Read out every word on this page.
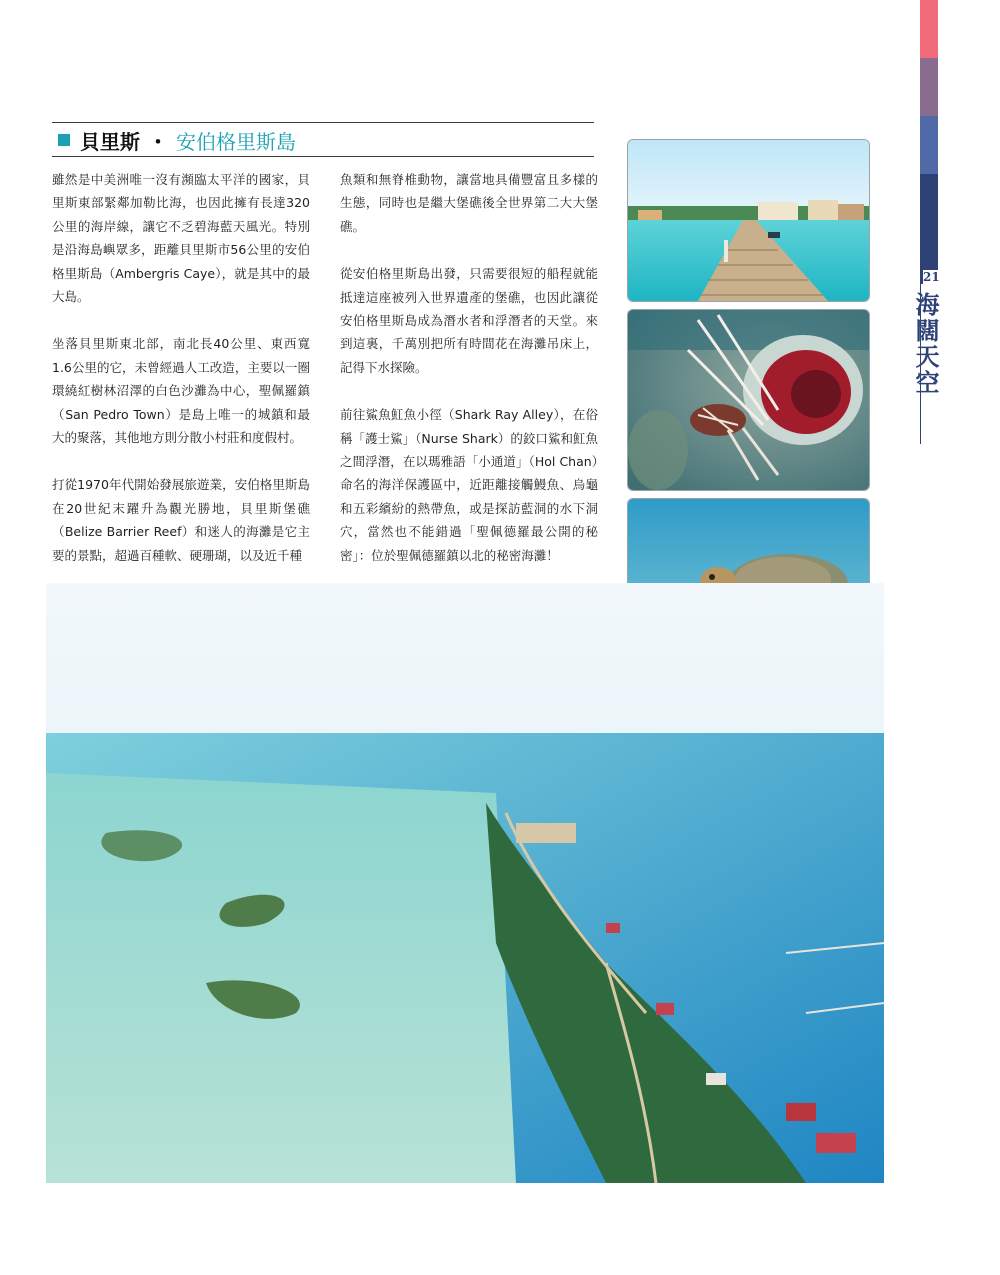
21
海闊天空
貝里斯 ・ 安伯格里斯島

雖然是中美洲唯一沒有瀕臨太平洋的國家，貝里斯東部緊鄰加勒比海，也因此擁有長達320公里的海岸線，讓它不乏碧海藍天風光。特別是沿海島嶼眾多，距離貝里斯市56公里的安伯格里斯島（Ambergris Caye），就是其中的最大島。

坐落貝里斯東北部，南北長40公里、東西寬1.6公里的它，未曾經過人工改造，主要以一圈環繞紅樹林沼澤的白色沙灘為中心，聖佩羅鎮（San Pedro Town）是島上唯一的城鎮和最大的聚落，其他地方則分散小村莊和度假村。

打從1970年代開始發展旅遊業，安伯格里斯島在20世紀末躍升為觀光勝地，貝里斯堡礁（Belize Barrier Reef）和迷人的海灘是它主要的景點，超過百種軟、硬珊瑚，以及近千種

魚類和無脊椎動物，讓當地具備豐富且多樣的生態，同時也是繼大堡礁後全世界第二大大堡礁。

從安伯格里斯島出發，只需要很短的船程就能抵達這座被列入世界遺產的堡礁，也因此讓從安伯格里斯島成為潛水者和浮潛者的天堂。來到這裏，千萬別把所有時間花在海灘吊床上，記得下水探險。

前往鯊魚魟魚小徑（Shark Ray Alley），在俗稱「護士鯊」（Nurse Shark）的鉸口鯊和魟魚之間浮潛，在以瑪雅語「小通道」（Hol Chan）命名的海洋保護區中，近距離接觸鰻魚、烏龜和五彩繽紛的熱帶魚，或是探訪藍洞的水下洞穴，當然也不能錯過「聖佩德羅最公開的秘密」：位於聖佩德羅鎮以北的秘密海灘！
